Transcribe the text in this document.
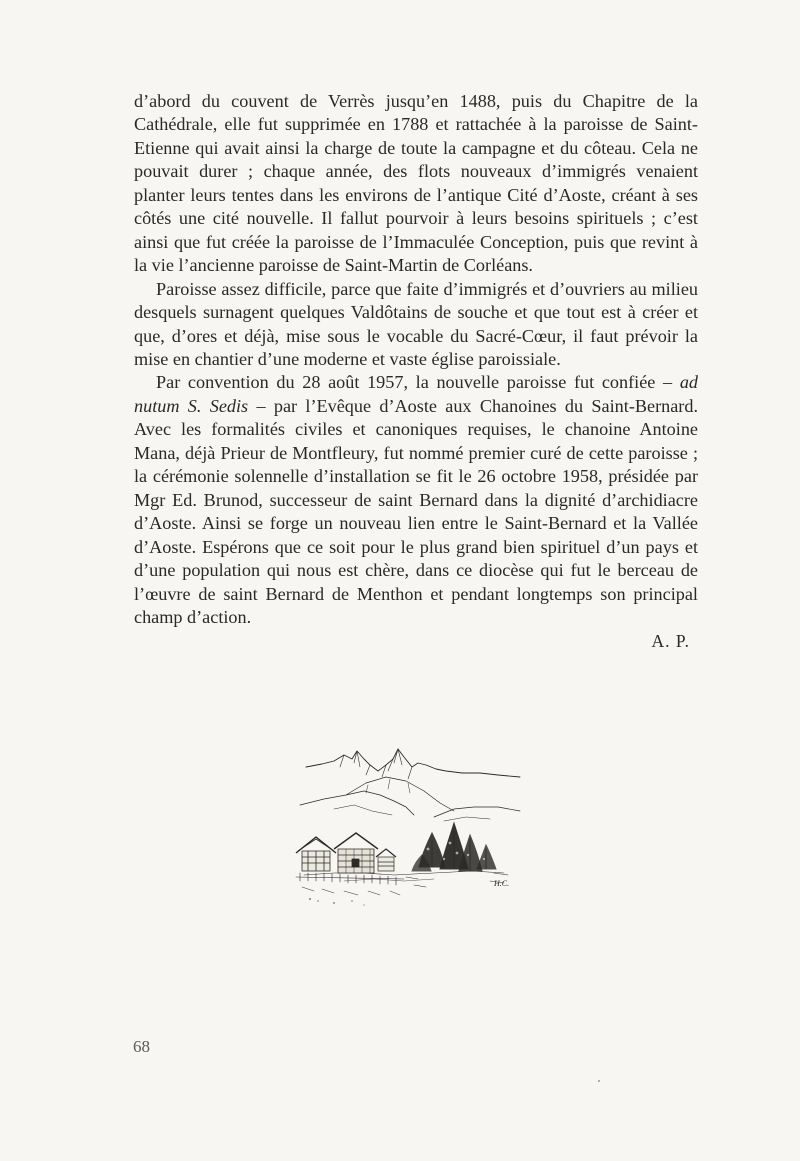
d’abord du couvent de Verrès jusqu’en 1488, puis du Chapitre de la Cathédrale, elle fut supprimée en 1788 et rattachée à la paroisse de Saint-Etienne qui avait ainsi la charge de toute la campagne et du côteau. Cela ne pouvait durer ; chaque année, des flots nouveaux d’immigrés venaient planter leurs tentes dans les environs de l’antique Cité d’Aoste, créant à ses côtés une cité nouvelle. Il fallut pourvoir à leurs besoins spirituels ; c’est ainsi que fut créée la paroisse de l’Immaculée Conception, puis que revint à la vie l’ancienne paroisse de Saint-Martin de Corléans.

Paroisse assez difficile, parce que faite d’immigrés et d’ouvriers au milieu desquels surnagent quelques Valdôtains de souche et que tout est à créer et que, d’ores et déjà, mise sous le vocable du Sacré-Cœur, il faut prévoir la mise en chantier d’une moderne et vaste église paroissiale.

Par convention du 28 août 1957, la nouvelle paroisse fut confiée – ad nutum S. Sedis – par l’Evêque d’Aoste aux Chanoines du Saint-Bernard. Avec les formalités civiles et canoniques requises, le chanoine Antoine Mana, déjà Prieur de Montfleury, fut nommé premier curé de cette paroisse ; la cérémonie solennelle d’installation se fit le 26 octobre 1958, présidée par Mgr Ed. Brunod, successeur de saint Bernard dans la dignité d’archidiacre d’Aoste. Ainsi se forge un nouveau lien entre le Saint-Bernard et la Vallée d’Aoste. Espérons que ce soit pour le plus grand bien spirituel d’un pays et d’une population qui nous est chère, dans ce diocèse qui fut le berceau de l’œuvre de saint Bernard de Menthon et pendant longtemps son principal champ d’action.

A. P.
H.C.
68
